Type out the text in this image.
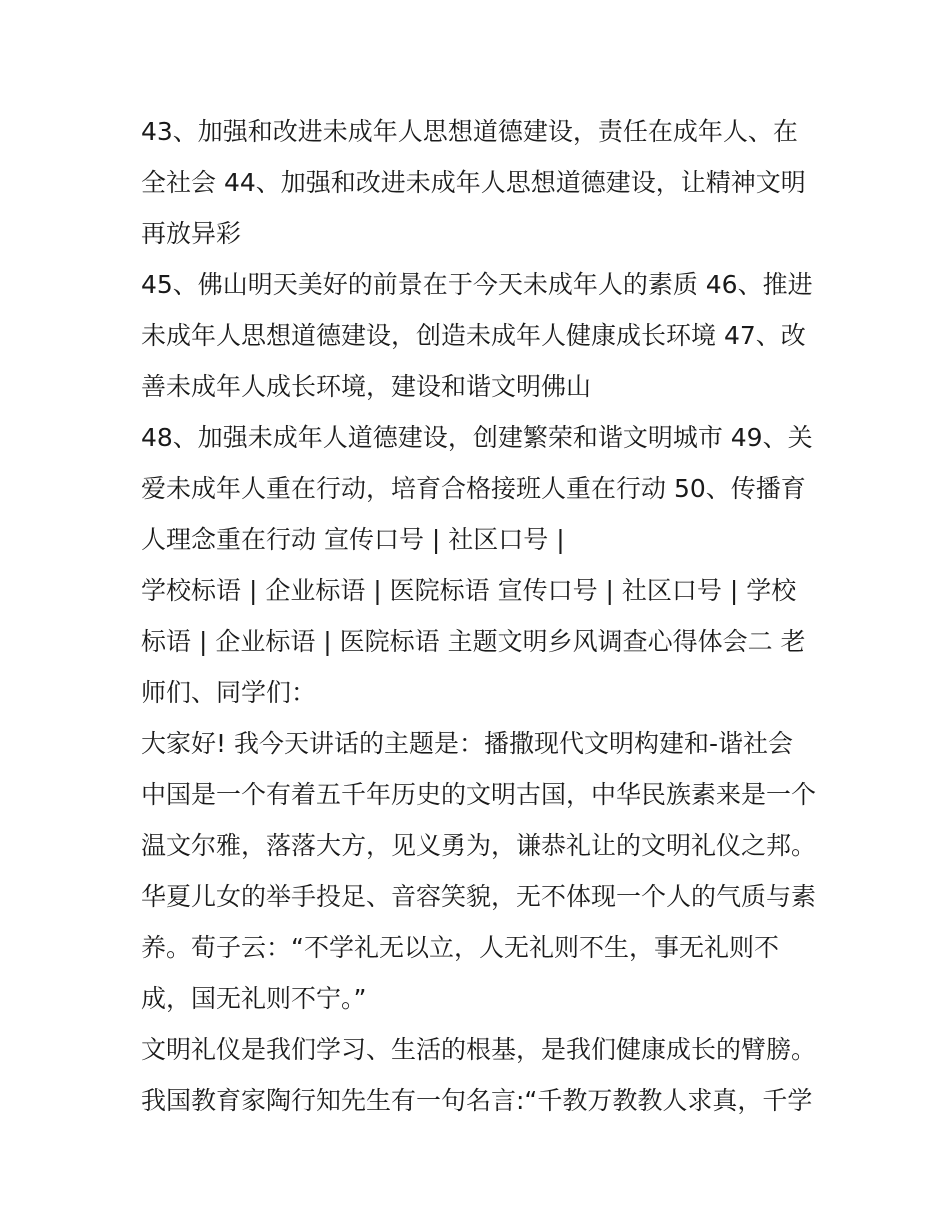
43、加强和改进未成年人思想道德建设，责任在成年人、在全社会 44、加强和改进未成年人思想道德建设，让精神文明再放异彩

45、佛山明天美好的前景在于今天未成年人的素质 46、推进未成年人思想道德建设，创造未成年人健康成长环境 47、改善未成年人成长环境，建设和谐文明佛山

48、加强未成年人道德建设，创建繁荣和谐文明城市 49、关爱未成年人重在行动，培育合格接班人重在行动 50、传播育人理念重在行动 宣传口号 | 社区口号 |

学校标语 | 企业标语 | 医院标语 宣传口号 | 社区口号 | 学校标语 | 企业标语 | 医院标语 主题文明乡风调查心得体会二 老师们、同学们：

大家好! 我今天讲话的主题是：播撒现代文明构建和-谐社会

中国是一个有着五千年历史的文明古国，中华民族素来是一个温文尔雅，落落大方，见义勇为，谦恭礼让的文明礼仪之邦。华夏儿女的举手投足、音容笑貌，无不体现一个人的气质与素养。荀子云：“不学礼无以立，人无礼则不生，事无礼则不成，国无礼则不宁。”

文明礼仪是我们学习、生活的根基，是我们健康成长的臂膀。我国教育家陶行知先生有一句名言:“千教万教教人求真，千学
